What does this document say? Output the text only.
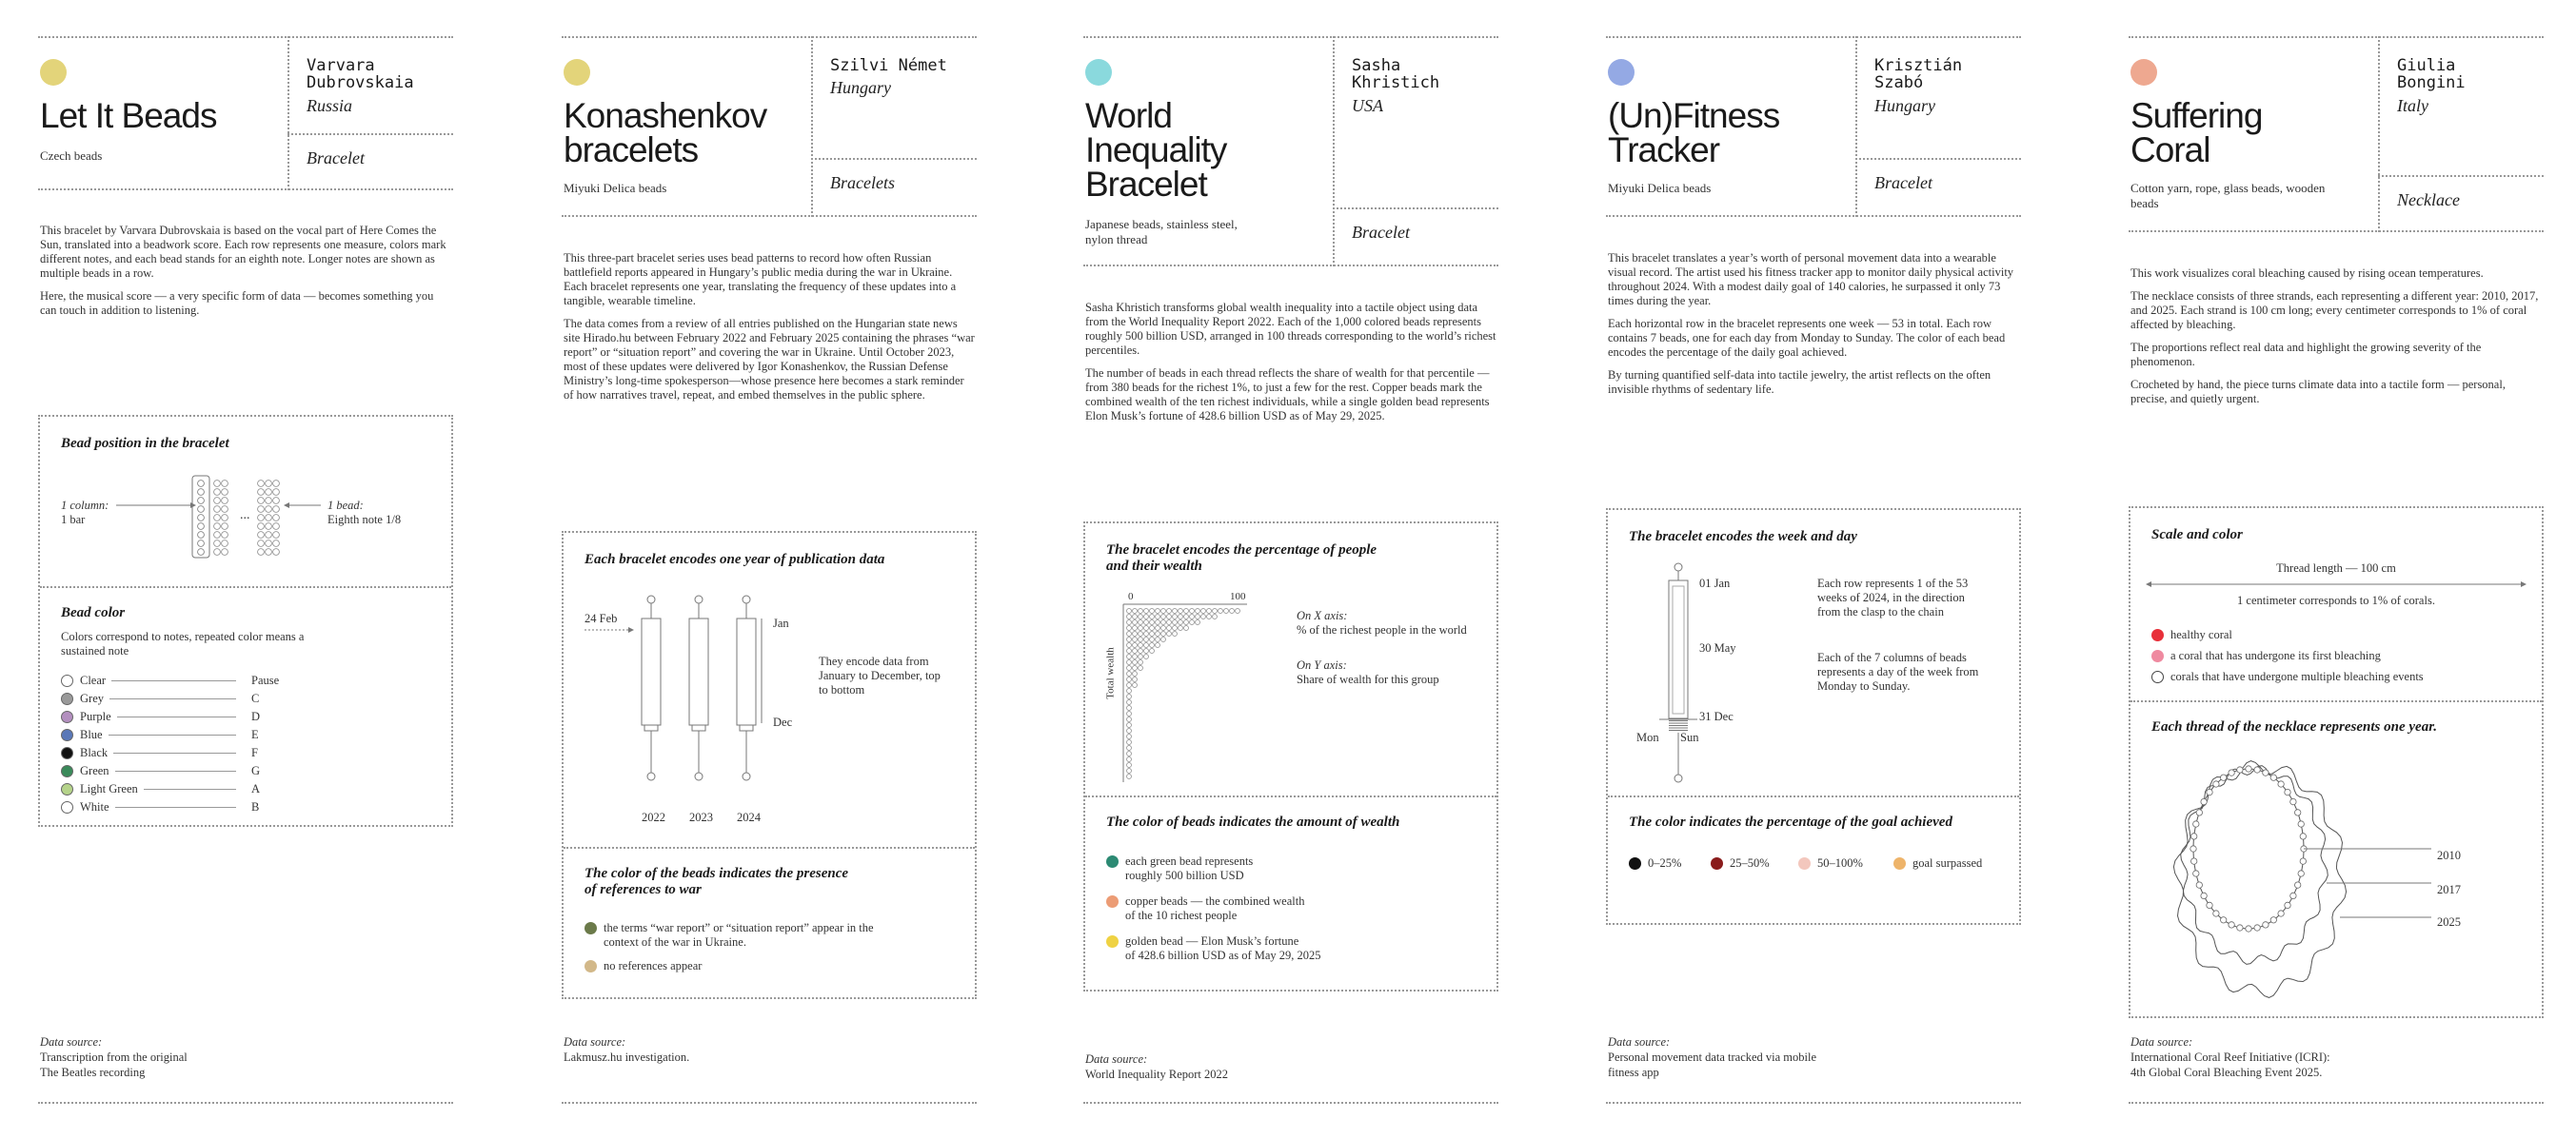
Let It Beads
Czech beads
Varvara
Dubrovskaia
Russia
Bracelet

This bracelet by Varvara Dubrovskaia is based on the vocal part of Here Comes the Sun, translated into a beadwork score. Each row represents one measure, colors mark different notes, and each bead stands for an eighth note. Longer notes are shown as multiple beads in a row.

Here, the musical score — a very specific form of data — becomes something you can touch in addition to listening.

Bead position in the bracelet
1 column:
1 bar
1 bead:
Eighth note 1/8
...
Bead color
Colors correspond to notes, repeated color means a sustained note
Clear	Pause
Grey	C
Purple	D
Blue	E
Black	F
Green	G
Light Green	A
White	B
Data source:
Transcription from the original
The Beatles recording
Konashenkov
bracelets
Miyuki Delica beads
Szilvi Német
Hungary
Bracelets

This three-part bracelet series uses bead patterns to record how often Russian battlefield reports appeared in Hungary’s public media during the war in Ukraine. Each bracelet represents one year, translating the frequency of these updates into a tangible, wearable timeline.

The data comes from a review of all entries published on the Hungarian state news site Hirado.hu between February 2022 and February 2025 containing the phrases “war report” or “situation report” and covering the war in Ukraine. Until October 2023, most of these updates were delivered by Igor Konashenkov, the Russian Defense Ministry’s long-time spokesperson—whose presence here becomes a stark reminder of how narratives travel, repeat, and embed themselves in the public sphere.

Each bracelet encodes one year of publication data
24 Feb	Jan
Dec
They encode data from January to December, top to bottom
2022 2023 2024
The color of the beads indicates the presence
of references to war
the terms “war report” or “situation report” appear in the context of the war in Ukraine.
no references appear
Data source:
Lakmusz.hu investigation.
World
Inequality
Bracelet
Japanese beads, stainless steel,
nylon thread
Sasha
Khristich
USA
Bracelet

Sasha Khristich transforms global wealth inequality into a tactile object using data from the World Inequality Report 2022. Each of the 1,000 colored beads represents roughly 500 billion USD, arranged in 100 threads corresponding to the world’s richest percentiles.

The number of beads in each thread reflects the share of wealth for that percentile — from 380 beads for the richest 1%, to just a few for the rest. Copper beads mark the combined wealth of the ten richest individuals, while a single golden bead represents Elon Musk’s fortune of 428.6 billion USD as of May 29, 2025.

The bracelet encodes the percentage of people
and their wealth
0	100
Total wealth
On X axis:
% of the richest people in the world
On Y axis:
Share of wealth for this group
The color of beads indicates the amount of wealth
each green bead represents
roughly 500 billion USD
copper beads — the combined wealth
of the 10 richest people
golden bead — Elon Musk’s fortune
of 428.6 billion USD as of May 29, 2025
Data source:
World Inequality Report 2022
(Un)Fitness
Tracker
Miyuki Delica beads
Krisztián
Szabó
Hungary
Bracelet

This bracelet translates a year’s worth of personal movement data into a wearable visual record. The artist used his fitness tracker app to monitor daily physical activity throughout 2024. With a modest daily goal of 140 calories, he surpassed it only 73 times during the year.

Each horizontal row in the bracelet represents one week — 53 in total. Each row contains 7 beads, one for each day from Monday to Sunday. The color of each bead encodes the percentage of the daily goal achieved.

By turning quantified self-data into tactile jewelry, the artist reflects on the often invisible rhythms of sedentary life.

The bracelet encodes the week and day
01 Jan
30 May
31 Dec
Mon Sun
Each row represents 1 of the 53 weeks of 2024, in the direction from the clasp to the chain
Each of the 7 columns of beads represents a day of the week from Monday to Sunday.
The color indicates the percentage of the goal achieved
0–25%	25–50%	50–100%	goal surpassed
Data source:
Personal movement data tracked via mobile
fitness app
Suffering
Coral
Cotton yarn, rope, glass beads, wooden
beads
Giulia
Bongini
Italy
Necklace

This work visualizes coral bleaching caused by rising ocean temperatures.

The necklace consists of three strands, each representing a different year: 2010, 2017, and 2025. Each strand is 100 cm long; every centimeter corresponds to 1% of coral affected by bleaching.

The proportions reflect real data and highlight the growing severity of the phenomenon.

Crocheted by hand, the piece turns climate data into a tactile form — personal, precise, and quietly urgent.

Scale and color
Thread length — 100 cm
1 centimeter corresponds to 1% of corals.
healthy coral
a coral that has undergone its first bleaching
corals that have undergone multiple bleaching events
Each thread of the necklace represents one year.
2010
2017
2025
Data source:
International Coral Reef Initiative (ICRI):
4th Global Coral Bleaching Event 2025.
